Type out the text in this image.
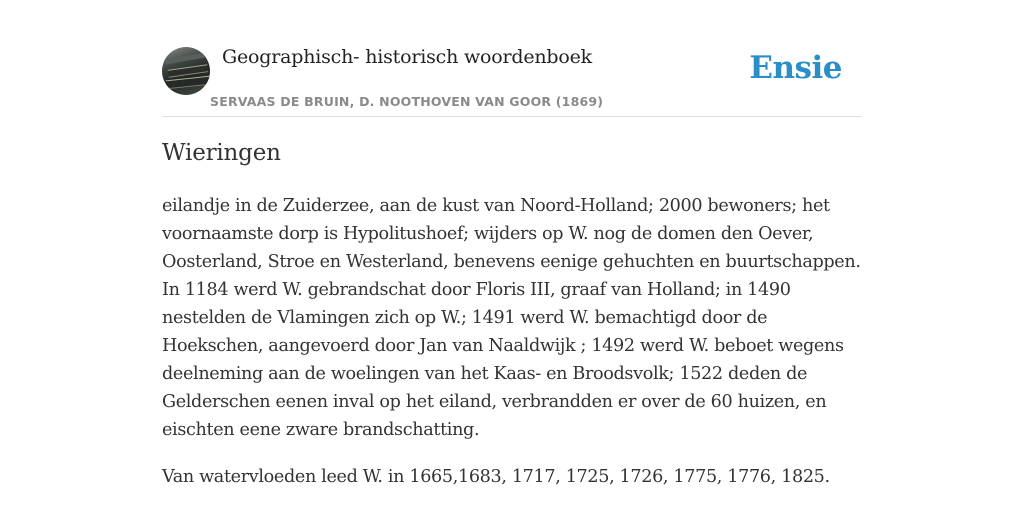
Geographisch- historisch woordenboek
SERVAAS DE BRUIN, D. NOOTHOVEN VAN GOOR (1869)
Ensie
Wieringen

eilandje in de Zuiderzee, aan de kust van Noord-Holland; 2000 bewoners; het voornaamste dorp is Hypolitushoef; wijders op W. nog de domen den Oever, Oosterland, Stroe en Westerland, benevens eenige gehuchten en buurtschappen. In 1184 werd W. gebrandschat door Floris III, graaf van Holland; in 1490 nestelden de Vlamingen zich op W.; 1491 werd W. bemachtigd door de Hoekschen, aangevoerd door Jan van Naaldwijk ; 1492 werd W. beboet wegens deelneming aan de woelingen van het Kaas- en Broodsvolk; 1522 deden de Gelderschen eenen inval op het eiland, verbrandden er over de 60 huizen, en eischten eene zware brandschatting.

Van watervloeden leed W. in 1665,1683, 1717, 1725, 1726, 1775, 1776, 1825.
